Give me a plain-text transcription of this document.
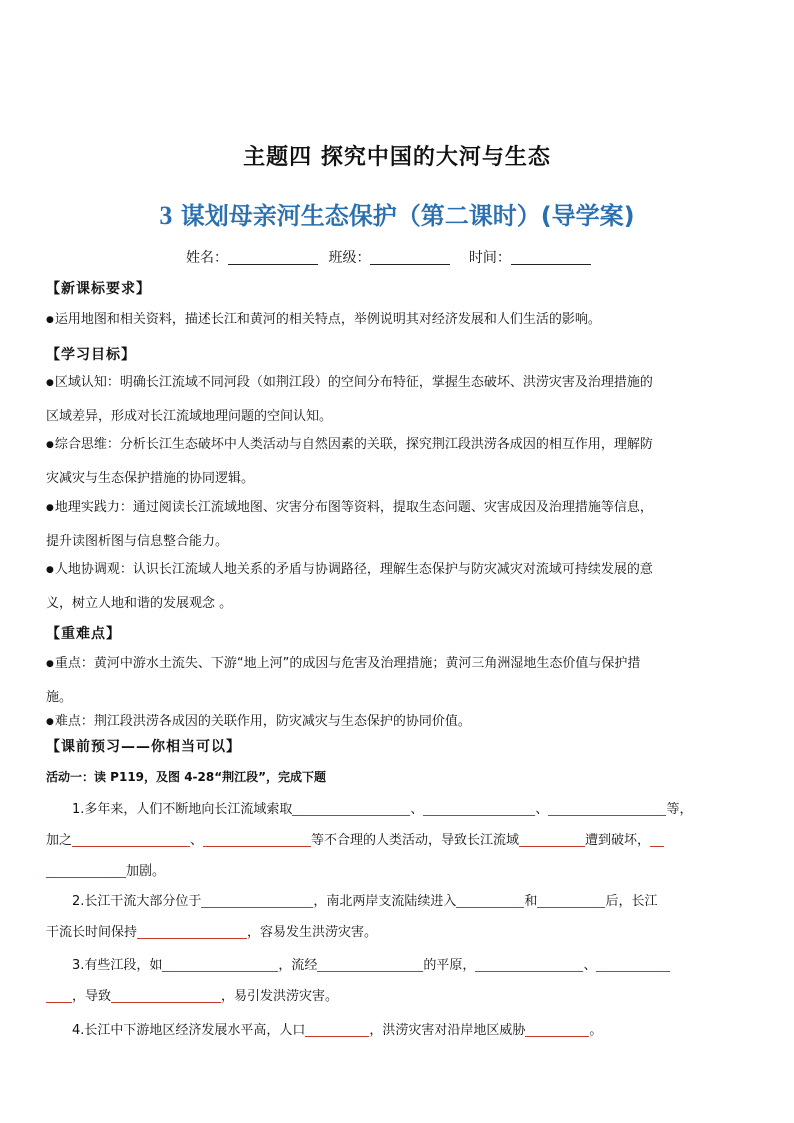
主题四 探究中国的大河与生态
3 谋划母亲河生态保护（第二课时）(导学案)
姓名：	班级：	时间：
【新课标要求】
●运用地图和相关资料，描述长江和黄河的相关特点，举例说明其对经济发展和人们生活的影响。
【学习目标】
●区域认知：明确长江流域不同河段（如荆江段）的空间分布特征，掌握生态破坏、洪涝灾害及治理措施的
区域差异，形成对长江流域地理问题的空间认知。
●综合思维：分析长江生态破坏中人类活动与自然因素的关联，探究荆江段洪涝各成因的相互作用，理解防
灾减灾与生态保护措施的协同逻辑。
●地理实践力：通过阅读长江流域地图、灾害分布图等资料，提取生态问题、灾害成因及治理措施等信息，
提升读图析图与信息整合能力。
●人地协调观：认识长江流域人地关系的矛盾与协调路径，理解生态保护与防灾减灾对流域可持续发展的意
义，树立人地和谐的发展观念 。
【重难点】
●重点：黄河中游水土流失、下游“地上河”的成因与危害及治理措施；黄河三角洲湿地生态价值与保护措
施。
●难点：荆江段洪涝各成因的关联作用，防灾减灾与生态保护的协同价值。
【课前预习——你相当可以】
活动一：读 P119，及图 4-28“荆江段”，完成下题
1.多年来，人们不断地向长江流域索取	、	、	等，
加之	、	等不合理的人类活动，导致长江流域	遭到破坏，
加剧。
2.长江干流大部分位于	，南北两岸支流陆续进入	和	后，长江
干流长时间保持	，容易发生洪涝灾害。
3.有些江段，如	，流经	的平原，	、
，导致	，易引发洪涝灾害。
4.长江中下游地区经济发展水平高，人口	，洪涝灾害对沿岸地区威胁	。
